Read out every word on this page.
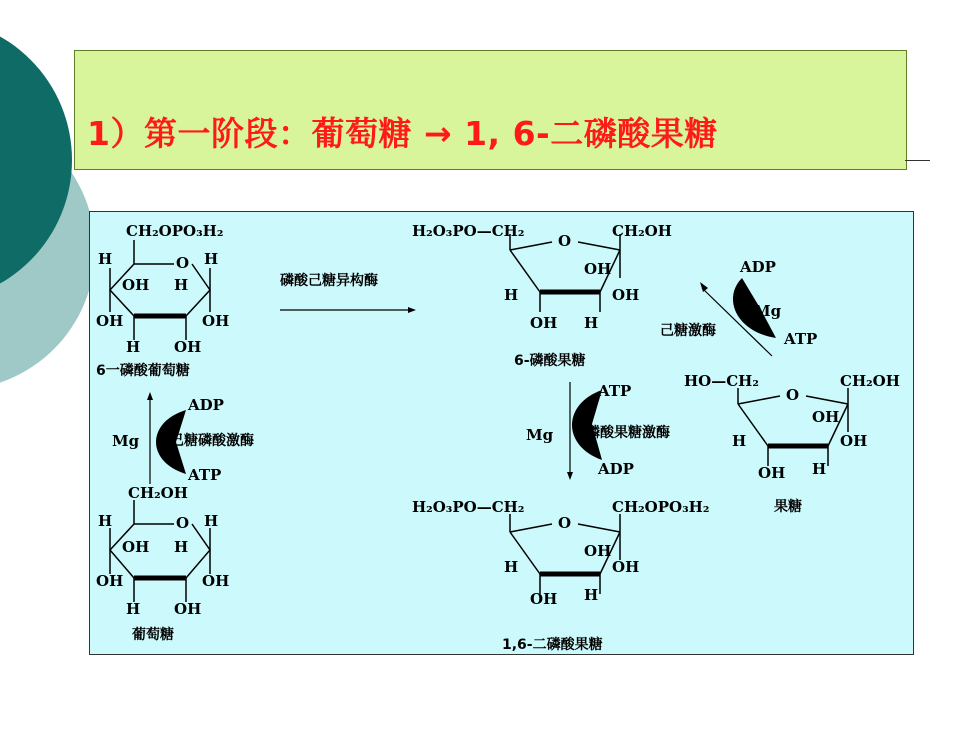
1）第一阶段：葡萄糖 → 1, 6-二磷酸果糖
CH₂OPO₃H₂
H	O H
OH H
OH	OH
H OH
6一磷酸葡萄糖
ADP
Mg 己糖磷酸激酶
ATP
CH₂OH
H	O H
OH H
OH	OH
H OH
葡萄糖
磷酸己糖异构酶
H₂O₃PO—CH₂
O
CH₂OH
OH
H	OH
OH H
6-磷酸果糖
ATP
Mg 磷酸果糖激酶
ADP
H₂O₃PO—CH₂
O
CH₂OPO₃H₂
OH
H	OH
OH H
1,6-二磷酸果糖
ADP
Mg
己糖激酶	ATP
HO—CH₂
O
CH₂OH
OH
H	OH
OH H
果糖
